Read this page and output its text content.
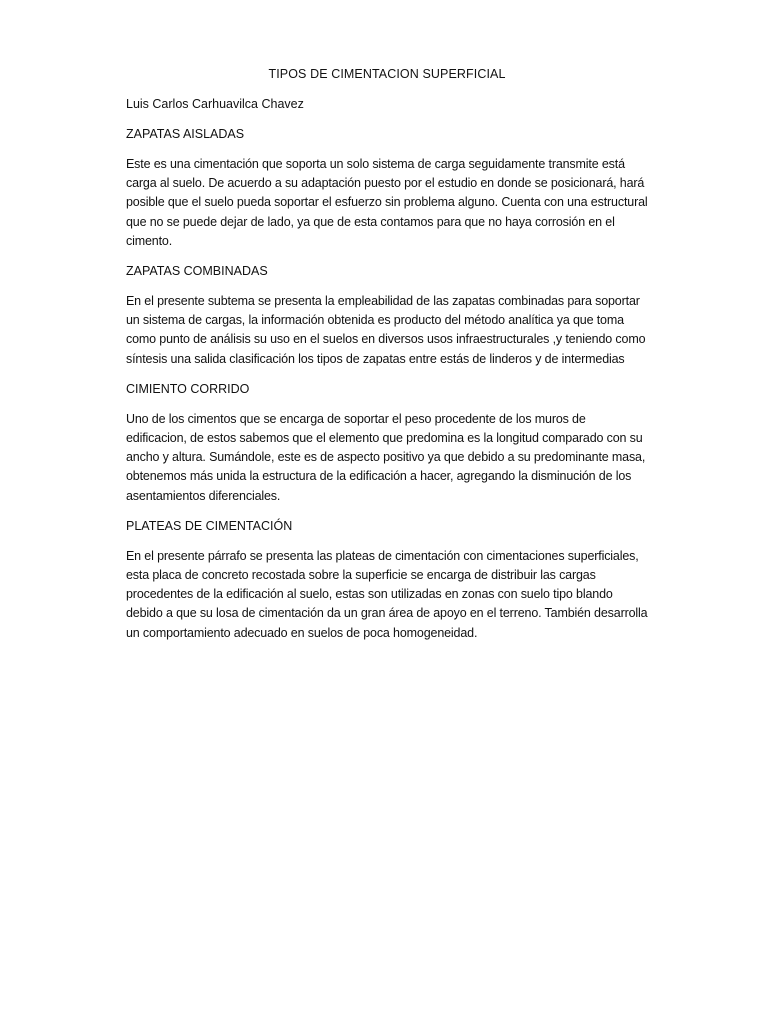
TIPOS DE CIMENTACION SUPERFICIAL

Luis Carlos Carhuavilca Chavez

ZAPATAS AISLADAS

Este es una cimentación que soporta un solo sistema de carga seguidamente transmite está carga al suelo. De acuerdo a su adaptación puesto por el estudio en donde se posicionará, hará posible que el suelo pueda soportar el esfuerzo sin problema alguno. Cuenta con una estructural que no se puede dejar de lado, ya que de esta contamos para que no haya corrosión en el cimento.

ZAPATAS COMBINADAS

En el presente subtema se presenta la empleabilidad de las zapatas combinadas para soportar un sistema de cargas, la información obtenida es producto del método analítica ya que toma como punto de análisis su uso en el suelos en diversos usos infraestructurales ,y teniendo como síntesis una salida clasificación los tipos de zapatas entre estás de linderos y de intermedias

CIMIENTO CORRIDO

Uno de los cimentos que se encarga de soportar el peso procedente de los muros de edificacion, de estos sabemos que el elemento que predomina es la longitud comparado con su ancho y altura. Sumándole, este es de aspecto positivo ya que debido a su predominante masa, obtenemos más unida la estructura de la edificación a hacer, agregando la disminución de los asentamientos diferenciales.

PLATEAS DE CIMENTACIÓN

En el presente párrafo se presenta las plateas de cimentación con cimentaciones superficiales, esta placa de concreto recostada sobre la superficie se encarga de distribuir las cargas procedentes de la edificación al suelo, estas son utilizadas en zonas con suelo tipo blando debido a que su losa de cimentación da un gran área de apoyo en el terreno. También desarrolla un comportamiento adecuado en suelos de poca homogeneidad.
